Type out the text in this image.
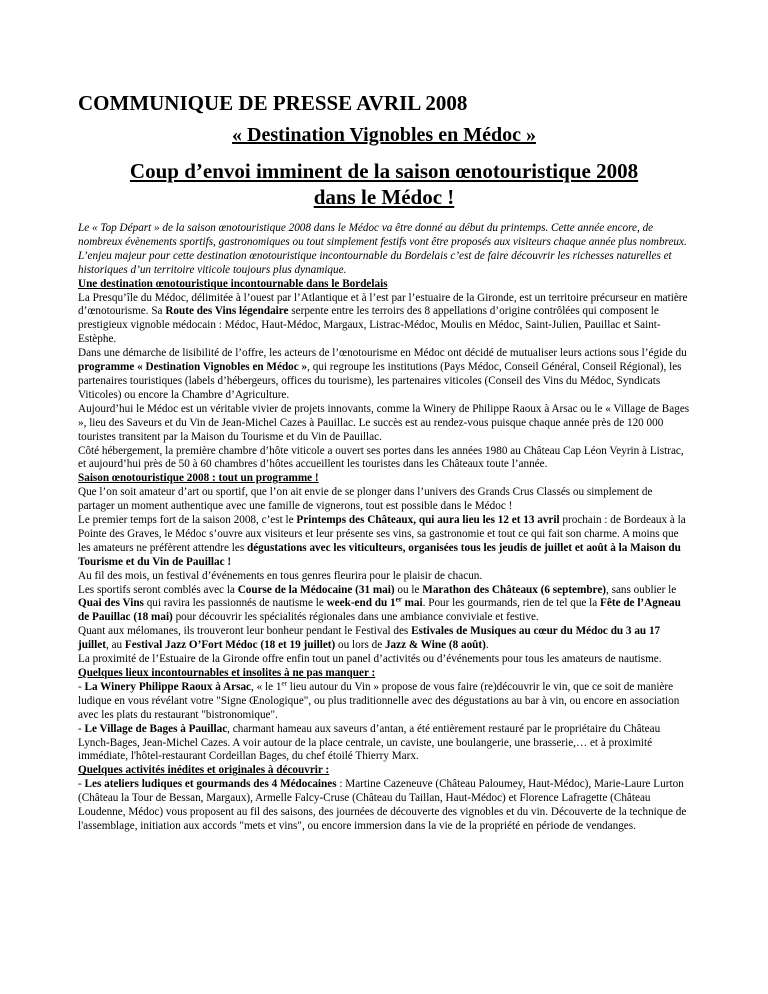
COMMUNIQUE DE PRESSE AVRIL 2008
« Destination Vignobles en Médoc »
Coup d’envoi imminent de la saison œnotouristique 2008
dans le Médoc !

Le « Top Départ » de la saison œnotouristique 2008 dans le Médoc va être donné au début du printemps. Cette année encore, de nombreux évènements sportifs, gastronomiques ou tout simplement festifs vont être proposés aux visiteurs chaque année plus nombreux. L’enjeu majeur pour cette destination œnotouristique incontournable du Bordelais c’est de faire découvrir les richesses naturelles et historiques d’un territoire viticole toujours plus dynamique.

Une destination œnotouristique incontournable dans le Bordelais

La Presqu’île du Médoc, délimitée à l’ouest par l’Atlantique et à l’est par l’estuaire de la Gironde, est un territoire précurseur en matière d’œnotourisme. Sa Route des Vins légendaire serpente entre les terroirs des 8 appellations d’origine contrôlées qui composent le prestigieux vignoble médocain : Médoc, Haut-Médoc, Margaux, Listrac-Médoc, Moulis en Médoc, Saint-Julien, Pauillac et Saint-Estèphe.

Dans une démarche de lisibilité de l’offre, les acteurs de l’œnotourisme en Médoc ont décidé de mutualiser leurs actions sous l’égide du programme « Destination Vignobles en Médoc », qui regroupe les institutions (Pays Médoc, Conseil Général, Conseil Régional), les partenaires touristiques (labels d’hébergeurs, offices du tourisme), les partenaires viticoles (Conseil des Vins du Médoc, Syndicats Viticoles) ou encore la Chambre d’Agriculture.

Aujourd’hui le Médoc est un véritable vivier de projets innovants, comme la Winery de Philippe Raoux à Arsac ou le « Village de Bages », lieu des Saveurs et du Vin de Jean-Michel Cazes à Pauillac. Le succès est au rendez-vous puisque chaque année près de 120 000 touristes transitent par la Maison du Tourisme et du Vin de Pauillac.

Côté hébergement, la première chambre d’hôte viticole a ouvert ses portes dans les années 1980 au Château Cap Léon Veyrin à Listrac, et aujourd’hui près de 50 à 60 chambres d’hôtes accueillent les touristes dans les Châteaux toute l’année.

Saison œnotouristique 2008 : tout un programme !

Que l’on soit amateur d’art ou sportif, que l’on ait envie de se plonger dans l’univers des Grands Crus Classés ou simplement de partager un moment authentique avec une famille de vignerons, tout est possible dans le Médoc !

Le premier temps fort de la saison 2008, c’est le Printemps des Châteaux, qui aura lieu les 12 et 13 avril prochain : de Bordeaux à la Pointe des Graves, le Médoc s’ouvre aux visiteurs et leur présente ses vins, sa gastronomie et tout ce qui fait son charme. A moins que les amateurs ne préfèrent attendre les dégustations avec les viticulteurs, organisées tous les jeudis de juillet et août à la Maison du Tourisme et du Vin de Pauillac !

Au fil des mois, un festival d’événements en tous genres fleurira pour le plaisir de chacun.

Les sportifs seront comblés avec la Course de la Médocaine (31 mai) ou le Marathon des Châteaux (6 septembre), sans oublier le Quai des Vins qui ravira les passionnés de nautisme le week-end du 1er mai. Pour les gourmands, rien de tel que la Fête de l’Agneau de Pauillac (18 mai) pour découvrir les spécialités régionales dans une ambiance conviviale et festive.

Quant aux mélomanes, ils trouveront leur bonheur pendant le Festival des Estivales de Musiques au cœur du Médoc du 3 au 17 juillet, au Festival Jazz O’Fort Médoc (18 et 19 juillet) ou lors de Jazz & Wine (8 août).

La proximité de l’Estuaire de la Gironde offre enfin tout un panel d’activités ou d’événements pour tous les amateurs de nautisme.

Quelques lieux incontournables et insolites à ne pas manquer :

- La Winery Philippe Raoux à Arsac, « le 1er lieu autour du Vin » propose de vous faire (re)découvrir le vin, que ce soit de manière ludique en vous révélant votre "Signe Œnologique", ou plus traditionnelle avec des dégustations au bar à vin, ou encore en association avec les plats du restaurant "bistronomique".

- Le Village de Bages à Pauillac, charmant hameau aux saveurs d’antan, a été entièrement restauré par le propriétaire du Château Lynch-Bages, Jean-Michel Cazes. A voir autour de la place centrale, un caviste, une boulangerie, une brasserie,… et à proximité immédiate, l'hôtel-restaurant Cordeillan Bages, du chef étoilé Thierry Marx.

Quelques activités inédites et originales à découvrir :

- Les ateliers ludiques et gourmands des 4 Médocaines : Martine Cazeneuve (Château Paloumey, Haut-Médoc), Marie-Laure Lurton (Château la Tour de Bessan, Margaux), Armelle Falcy-Cruse (Château du Taillan, Haut-Médoc) et Florence Lafragette (Château Loudenne, Médoc) vous proposent au fil des saisons, des journées de découverte des vignobles et du vin. Découverte de la technique de l'assemblage, initiation aux accords "mets et vins", ou encore immersion dans la vie de la propriété en période de vendanges.
